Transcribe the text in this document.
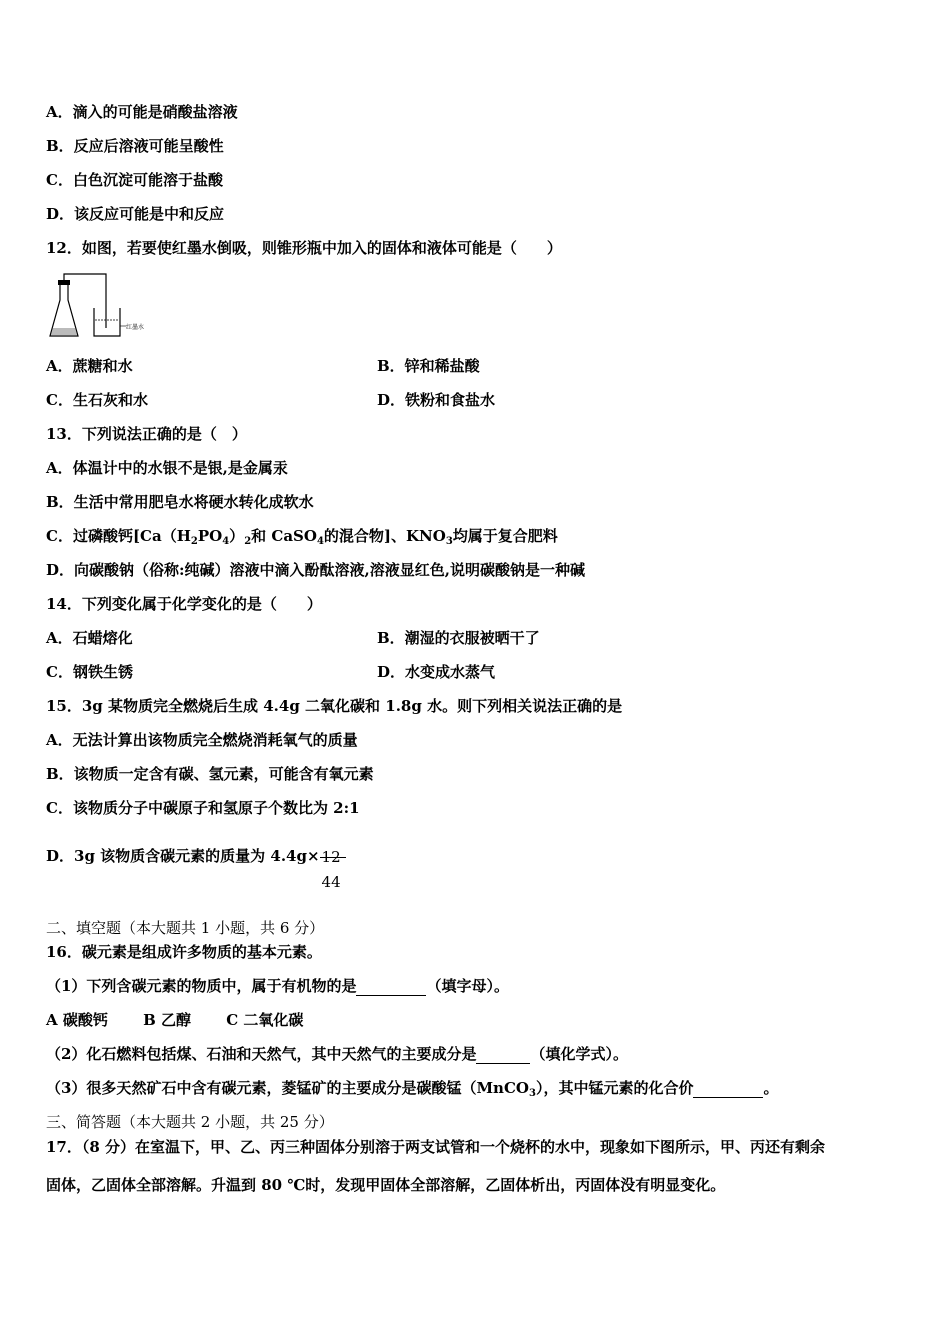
A．滴入的可能是硝酸盐溶液
B．反应后溶液可能呈酸性
C．白色沉淀可能溶于盐酸
D．该反应可能是中和反应
12．如图，若要使红墨水倒吸，则锥形瓶中加入的固体和液体可能是（　　）
红墨水
A．蔗糖和水	B．锌和稀盐酸
C．生石灰和水	D．铁粉和食盐水
13．下列说法正确的是（　）
A．体温计中的水银不是银,是金属汞
B．生活中常用肥皂水将硬水转化成软水
C．过磷酸钙[$Ca(H_2PO_4)_2$和 CaSO$_4$的混合物]、$KNO_3$均属于复合肥料
D．向碳酸钠（俗称:纯碱）溶液中滴入酚酞溶液,溶液显红色,说明碳酸钠是一种碱
14．下列变化属于化学变化的是（　　）
A．石蜡熔化	B．潮湿的衣服被晒干了
C．钢铁生锈	D．水变成水蒸气
15．3g 某物质完全燃烧后生成 4.4g 二氧化碳和 1.8g 水。则下列相关说法正确的是
A．无法计算出该物质完全燃烧消耗氧气的质量
B．该物质一定含有碳、氢元素，可能含有氧元素
C．该物质分子中碳原子和氢原子个数比为 2:1
D．3g 该物质含碳元素的质量为 4.4g× 12
44
二、填空题（本大题共 1 小题，共 6 分）
16．碳元素是组成许多物质的基本元素。
（1）下列含碳元素的物质中，属于有机物的是	（填字母）。
A 碳酸钙　　 B 乙醇　　 C 二氧化碳
（2）化石燃料包括煤、石油和天然气，其中天然气的主要成分是	（填化学式）。
（3）很多天然矿石中含有碳元素，菱锰矿的主要成分是碳酸锰（MnCO$_3$），其中锰元素的化合价	。
三、简答题（本大题共 2 小题，共 25 分）
17．（8 分）在室温下，甲、乙、丙三种固体分别溶于两支试管和一个烧杯的水中，现象如下图所示，甲、丙还有剩余
固体，乙固体全部溶解。升温到 80 ℃时，发现甲固体全部溶解，乙固体析出，丙固体没有明显变化。
